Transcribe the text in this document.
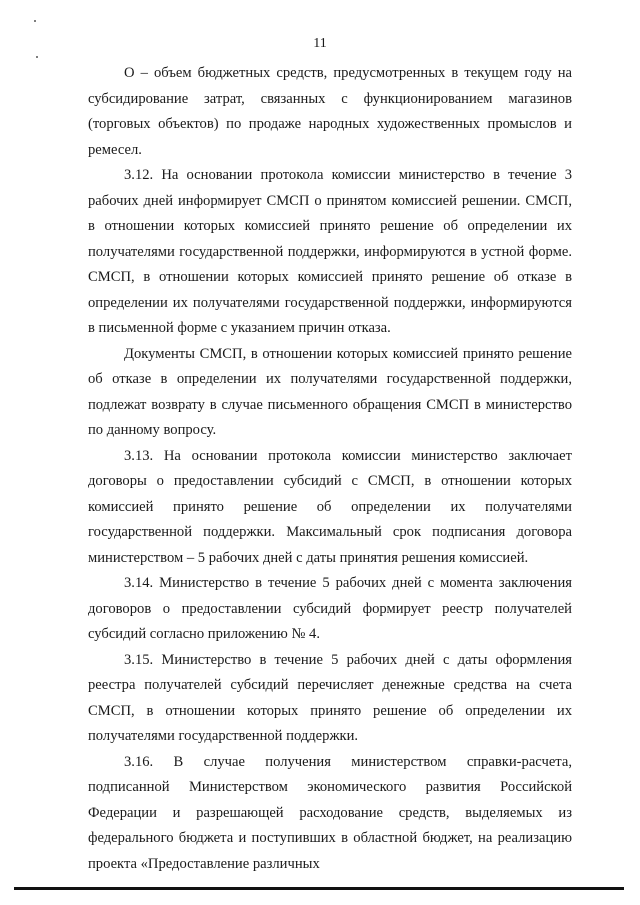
11

О – объем бюджетных средств, предусмотренных в текущем году на субсидирование затрат, связанных с функционированием магазинов (торговых объектов) по продаже народных художественных промыслов и ремесел.

3.12. На основании протокола комиссии министерство в течение 3 рабочих дней информирует СМСП о принятом комиссией решении. СМСП, в отношении которых комиссией принято решение об определении их получателями государственной поддержки, информируются в устной форме. СМСП, в отношении которых комиссией принято решение об отказе в определении их получателями государственной поддержки, информируются в письменной форме с указанием причин отказа.

Документы СМСП, в отношении которых комиссией принято решение об отказе в определении их получателями государственной поддержки, подлежат возврату в случае письменного обращения СМСП в министерство по данному вопросу.

3.13. На основании протокола комиссии министерство заключает договоры о предоставлении субсидий с СМСП, в отношении которых комиссией принято решение об определении их получателями государственной поддержки. Максимальный срок подписания договора министерством – 5 рабочих дней с даты принятия решения комиссией.

3.14. Министерство в течение 5 рабочих дней с момента заключения договоров о предоставлении субсидий формирует реестр получателей субсидий согласно приложению № 4.

3.15. Министерство в течение 5 рабочих дней с даты оформления реестра получателей субсидий перечисляет денежные средства на счета СМСП, в отношении которых принято решение об определении их получателями государственной поддержки.

3.16. В случае получения министерством справки-расчета, подписанной Министерством экономического развития Российской Федерации и разрешающей расходование средств, выделяемых из федерального бюджета и поступивших в областной бюджет, на реализацию проекта «Предоставление различных
